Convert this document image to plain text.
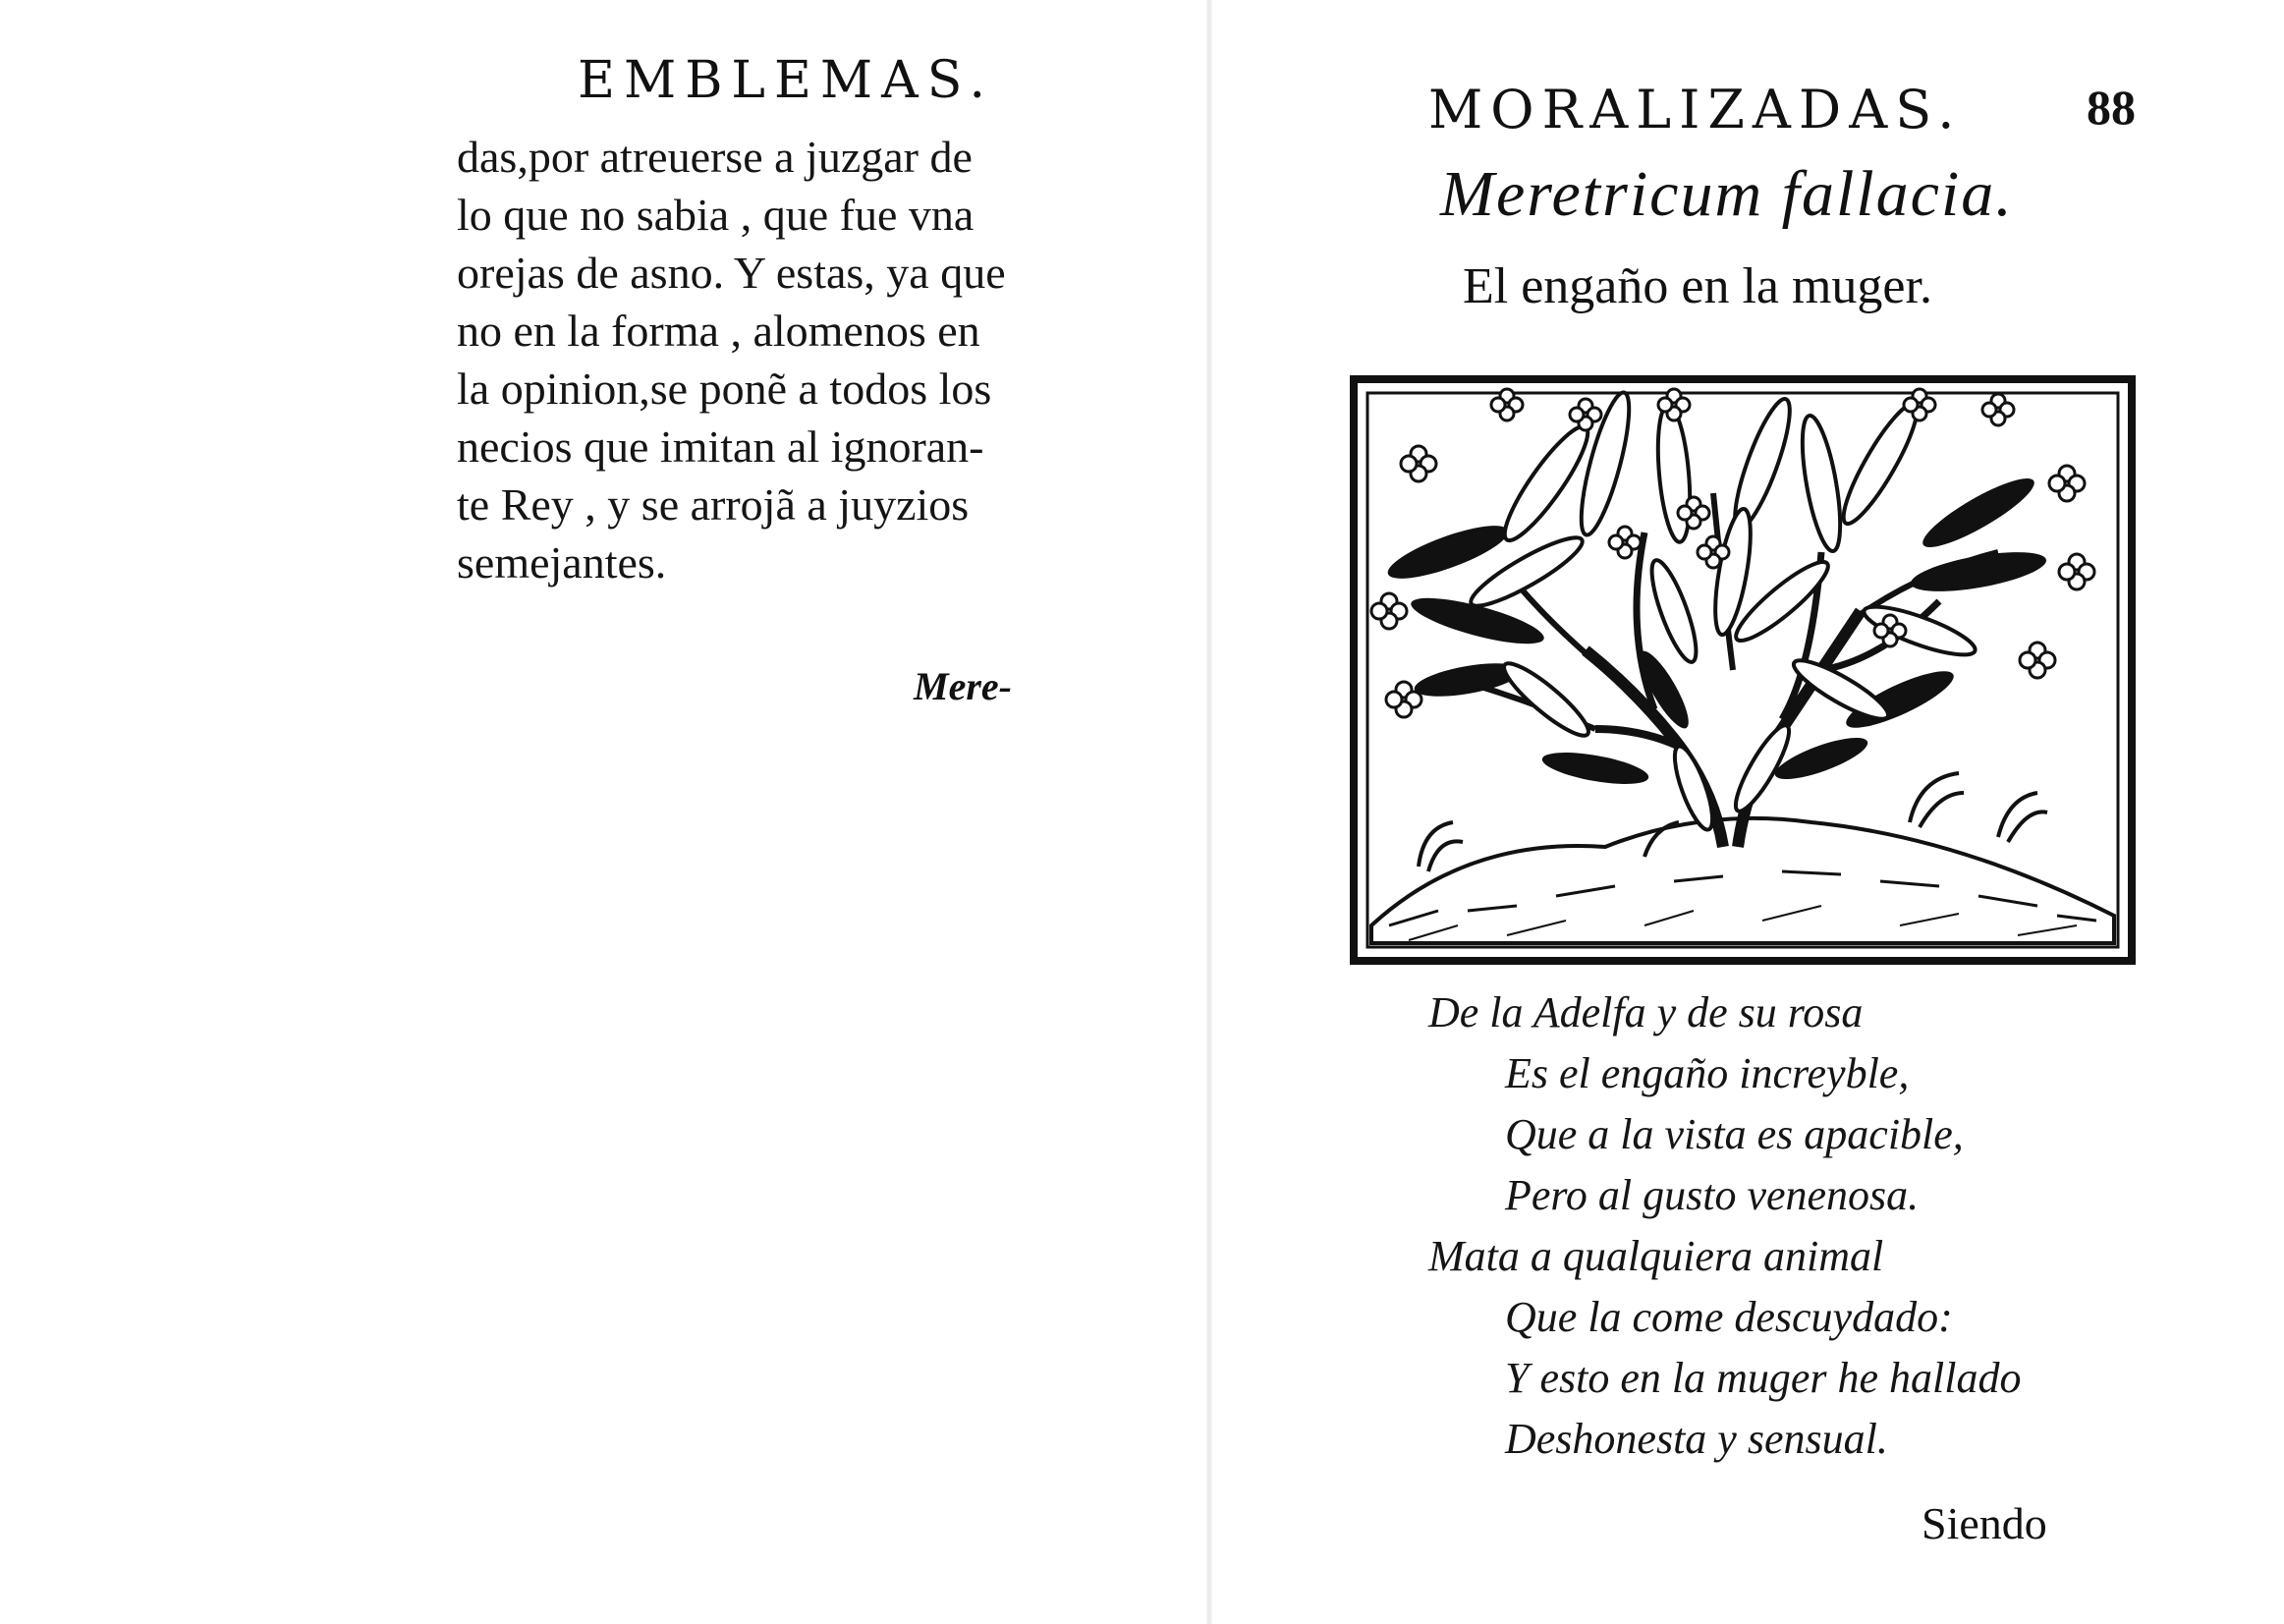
EMBLEMAS.
das,por atreuerse a juzgar de
lo que no sabia , que fue vna
orejas de asno. Y estas, ya que
no en la forma , alomenos en
la opinion,se ponẽ a todos los
necios que imitan al ignoran-
te Rey , y se arrojã a juyzios
semejantes.
Mere-
MORALIZADAS.	88
Meretricum fallacia.
El engaño en la muger.
De la Adelfa y de su rosa
Es el engaño increyble,
Que a la vista es apacible,
Pero al gusto venenosa.
Mata a qualquiera animal
Que la come descuydado:
Y esto en la muger he hallado
Deshonesta y sensual.
Siendo
